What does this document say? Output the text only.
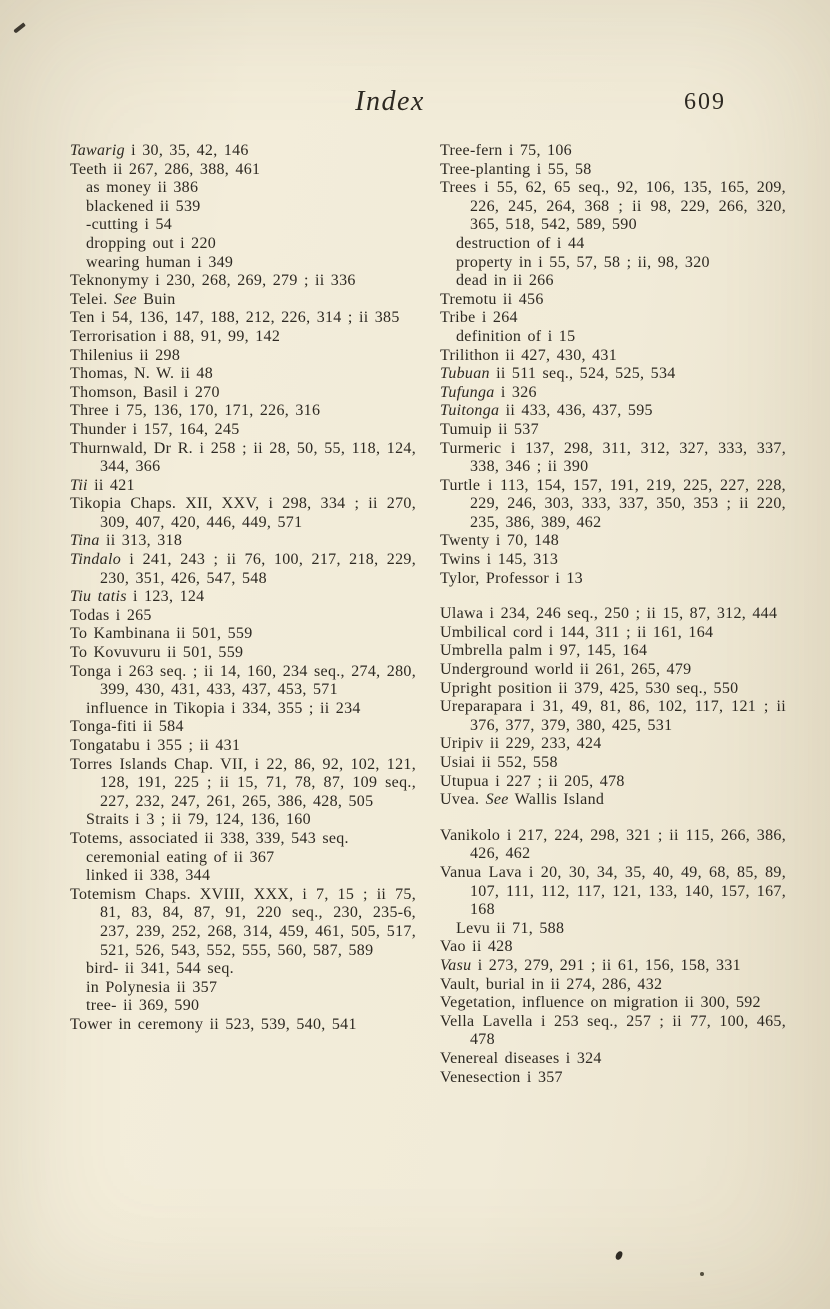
Index	609
Tawarig i 30, 35, 42, 146
Teeth ii 267, 286, 388, 461
as money ii 386
blackened ii 539
-cutting i 54
dropping out i 220
wearing human i 349
Teknonymy i 230, 268, 269, 279 ; ii 336
Telei. See Buin
Ten i 54, 136, 147, 188, 212, 226, 314 ; ii 385
Terrorisation i 88, 91, 99, 142
Thilenius ii 298
Thomas, N. W. ii 48
Thomson, Basil i 270
Three i 75, 136, 170, 171, 226, 316
Thunder i 157, 164, 245
Thurnwald, Dr R. i 258 ; ii 28, 50, 55, 118, 124, 344, 366
Tii ii 421
Tikopia Chaps. XII, XXV, i 298, 334 ; ii 270, 309, 407, 420, 446, 449, 571
Tina ii 313, 318
Tindalo i 241, 243 ; ii 76, 100, 217, 218, 229, 230, 351, 426, 547, 548
Tiu tatis i 123, 124
Todas i 265
To Kambinana ii 501, 559
To Kovuvuru ii 501, 559
Tonga i 263 seq. ; ii 14, 160, 234 seq., 274, 280, 399, 430, 431, 433, 437, 453, 571
influence in Tikopia i 334, 355 ; ii 234
Tonga-fiti ii 584
Tongatabu i 355 ; ii 431
Torres Islands Chap. VII, i 22, 86, 92, 102, 121, 128, 191, 225 ; ii 15, 71, 78, 87, 109 seq., 227, 232, 247, 261, 265, 386, 428, 505
Straits i 3 ; ii 79, 124, 136, 160
Totems, associated ii 338, 339, 543 seq.
ceremonial eating of ii 367
linked ii 338, 344
Totemism Chaps. XVIII, XXX, i 7, 15 ; ii 75, 81, 83, 84, 87, 91, 220 seq., 230, 235-6, 237, 239, 252, 268, 314, 459, 461, 505, 517, 521, 526, 543, 552, 555, 560, 587, 589
bird- ii 341, 544 seq.
in Polynesia ii 357
tree- ii 369, 590
Tower in ceremony ii 523, 539, 540, 541
Tree-fern i 75, 106
Tree-planting i 55, 58
Trees i 55, 62, 65 seq., 92, 106, 135, 165, 209, 226, 245, 264, 368 ; ii 98, 229, 266, 320, 365, 518, 542, 589, 590
destruction of i 44
property in i 55, 57, 58 ; ii, 98, 320
dead in ii 266
Tremotu ii 456
Tribe i 264
definition of i 15
Trilithon ii 427, 430, 431
Tubuan ii 511 seq., 524, 525, 534
Tufunga i 326
Tuitonga ii 433, 436, 437, 595
Tumuip ii 537
Turmeric i 137, 298, 311, 312, 327, 333, 337, 338, 346 ; ii 390
Turtle i 113, 154, 157, 191, 219, 225, 227, 228, 229, 246, 303, 333, 337, 350, 353 ; ii 220, 235, 386, 389, 462
Twenty i 70, 148
Twins i 145, 313
Tylor, Professor i 13
Ulawa i 234, 246 seq., 250 ; ii 15, 87, 312, 444
Umbilical cord i 144, 311 ; ii 161, 164
Umbrella palm i 97, 145, 164
Underground world ii 261, 265, 479
Upright position ii 379, 425, 530 seq., 550
Ureparapara i 31, 49, 81, 86, 102, 117, 121 ; ii 376, 377, 379, 380, 425, 531
Uripiv ii 229, 233, 424
Usiai ii 552, 558
Utupua i 227 ; ii 205, 478
Uvea. See Wallis Island
Vanikolo i 217, 224, 298, 321 ; ii 115, 266, 386, 426, 462
Vanua Lava i 20, 30, 34, 35, 40, 49, 68, 85, 89, 107, 111, 112, 117, 121, 133, 140, 157, 167, 168
Levu ii 71, 588
Vao ii 428
Vasu i 273, 279, 291 ; ii 61, 156, 158, 331
Vault, burial in ii 274, 286, 432
Vegetation, influence on migration ii 300, 592
Vella Lavella i 253 seq., 257 ; ii 77, 100, 465, 478
Venereal diseases i 324
Venesection i 357
